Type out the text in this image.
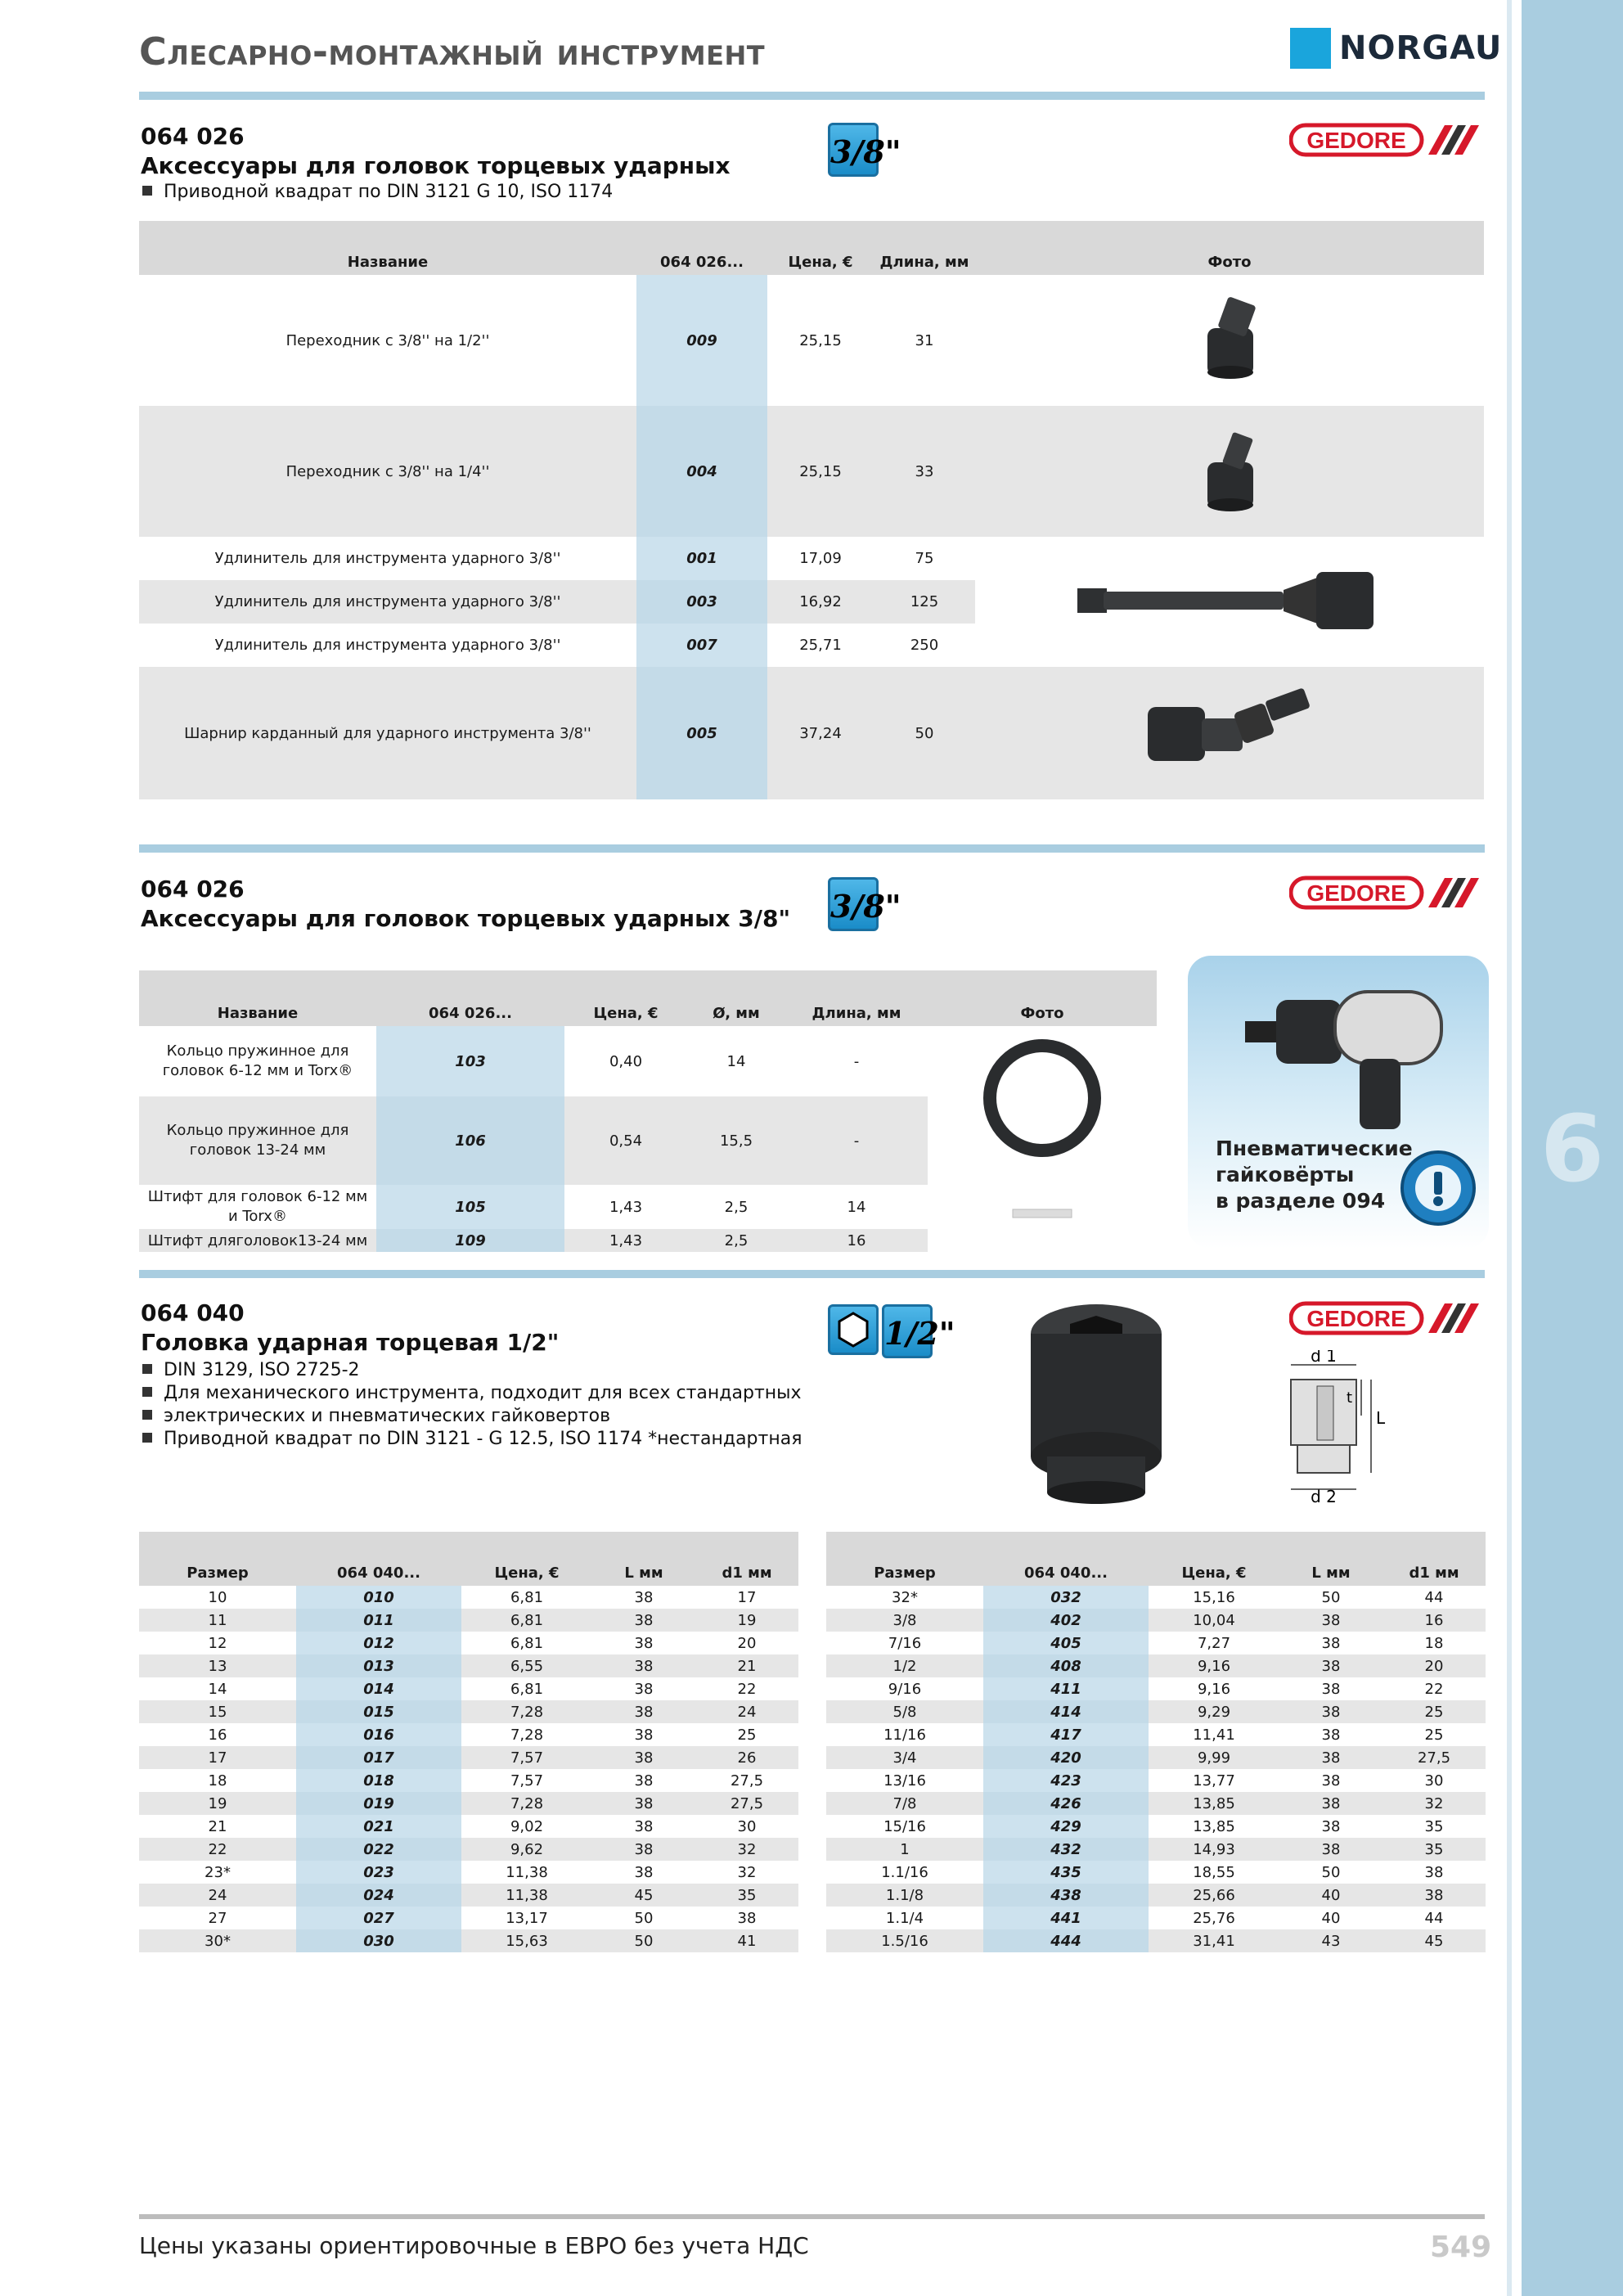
6
Слесарно-монтажный инструмент	NORGAU
064 026
Аксессуары для головок торцевых ударных
Приводной квадрат по DIN 3121 G 10, ISO 1174
3/8"	GEDORE
Название	064 026...	Цена, €	Длина, мм	Фото
Переходник с 3/8'' на 1/2''	009	25,15	31	
Переходник с 3/8'' на 1/4''	004	25,15	33	
Удлинитель для инструмента ударного 3/8''	001	17,09	75	
Удлинитель для инструмента ударного 3/8''	003	16,92	125	
Удлинитель для инструмента ударного 3/8''	007	25,71	250	
Шарнир карданный для ударного инструмента 3/8''	005	37,24	50	
064 026
Аксессуары для головок торцевых ударных 3/8" 3/8"	GEDORE
Название	064 026...	Цена, €	Ø, мм	Длина, мм	Фото
Кольцо пружинное для головок 6-12 мм и Torx®	103	0,40	14	-	
Кольцо пружинное для головок 13-24 мм	106	0,54	15,5	-	
Штифт для головок 6-12 мм и Torx®	105	1,43	2,5	14	
Штифт дляголовок13-24 мм	109	1,43	2,5	16	
Пневматические
гайковёрты
в разделе 094
064 040
Головка ударная торцевая 1/2"
DIN 3129, ISO 2725-2
Для механического инструмента, подходит для всех стандартных
электрических и пневматических гайковертов
Приводной квадрат по DIN 3121 - G 12.5, ISO 1174 *нестандартная
1/2"	GEDORE
d 1
L
t
d 2
Размер	064 040...	Цена, €	L мм	d1 мм
10	010	6,81	38	17
11	011	6,81	38	19
12	012	6,81	38	20
13	013	6,55	38	21
14	014	6,81	38	22
15	015	7,28	38	24
16	016	7,28	38	25
17	017	7,57	38	26
18	018	7,57	38	27,5
19	019	7,28	38	27,5
21	021	9,02	38	30
22	022	9,62	38	32
23*	023	11,38	38	32
24	024	11,38	45	35
27	027	13,17	50	38
30*	030	15,63	50	41
Размер	064 040...	Цена, €	L мм	d1 мм
32*	032	15,16	50	44
3/8	402	10,04	38	16
7/16	405	7,27	38	18
1/2	408	9,16	38	20
9/16	411	9,16	38	22
5/8	414	9,29	38	25
11/16	417	11,41	38	25
3/4	420	9,99	38	27,5
13/16	423	13,77	38	30
7/8	426	13,85	38	32
15/16	429	13,85	38	35
1	432	14,93	38	35
1.1/16	435	18,55	50	38
1.1/8	438	25,66	40	38
1.1/4	441	25,76	40	44
1.5/16	444	31,41	43	45
Цены указаны ориентировочные в ЕВРО без учета НДС	549
